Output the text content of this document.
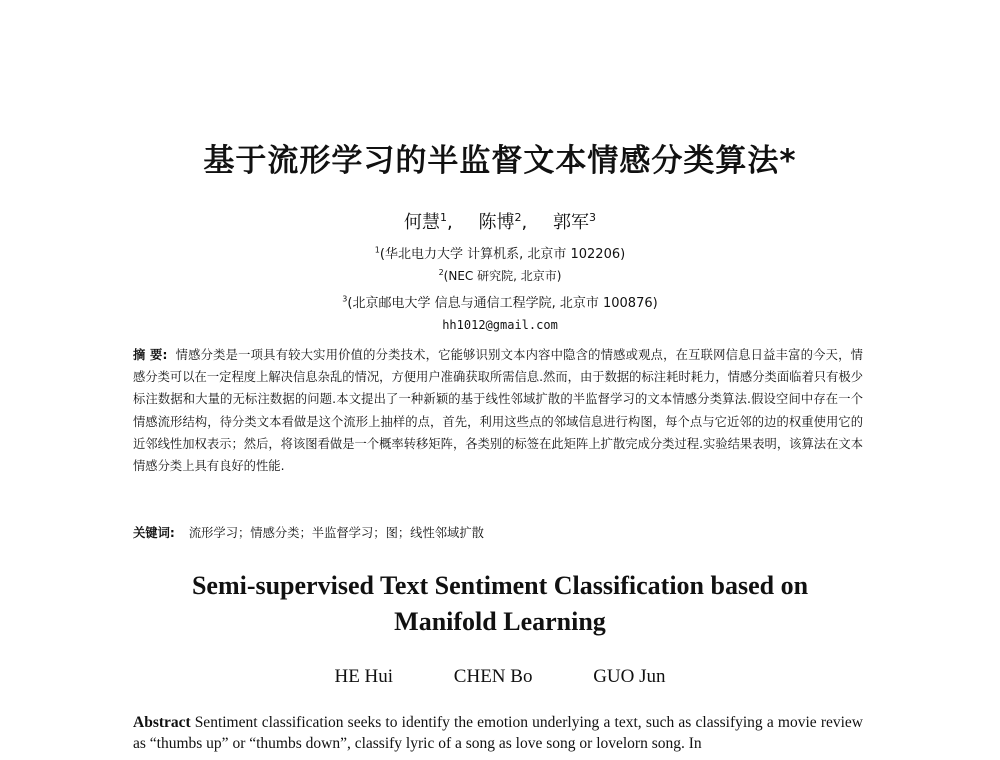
基于流形学习的半监督文本情感分类算法*
何慧$^1$, 陈博$^2$, 郭军$^3$
$^1$(华北电力大学 计算机系, 北京市 102206)
$^2$(NEC 研究院, 北京市)
$^3$(北京邮电大学 信息与通信工程学院, 北京市 100876)
hh1012@gmail.com
摘 要: 情感分类是一项具有较大实用价值的分类技术，它能够识别文本内容中隐含的情感或观点，在互联网信息日益丰富的今天，情感分类可以在一定程度上解决信息杂乱的情况，方便用户准确获取所需信息.然而，由于数据的标注耗时耗力，情感分类面临着只有极少标注数据和大量的无标注数据的问题.本文提出了一种新颖的基于线性邻域扩散的半监督学习的文本情感分类算法.假设空间中存在一个情感流形结构，待分类文本看做是这个流形上抽样的点，首先，利用这些点的邻域信息进行构图，每个点与它近邻的边的权重使用它的近邻线性加权表示；然后，将该图看做是一个概率转移矩阵，各类别的标签在此矩阵上扩散完成分类过程.实验结果表明，该算法在文本情感分类上具有良好的性能.
关键词: 流形学习；情感分类；半监督学习；图；线性邻域扩散
Semi-supervised Text Sentiment Classification based on
Manifold Learning
HE Hui	CHEN Bo	GUO Jun
Abstract Sentiment classification seeks to identify the emotion underlying a text, such as classifying a movie review as “thumbs up” or “thumbs down”, classify lyric of a song as love song or lovelorn song. In
